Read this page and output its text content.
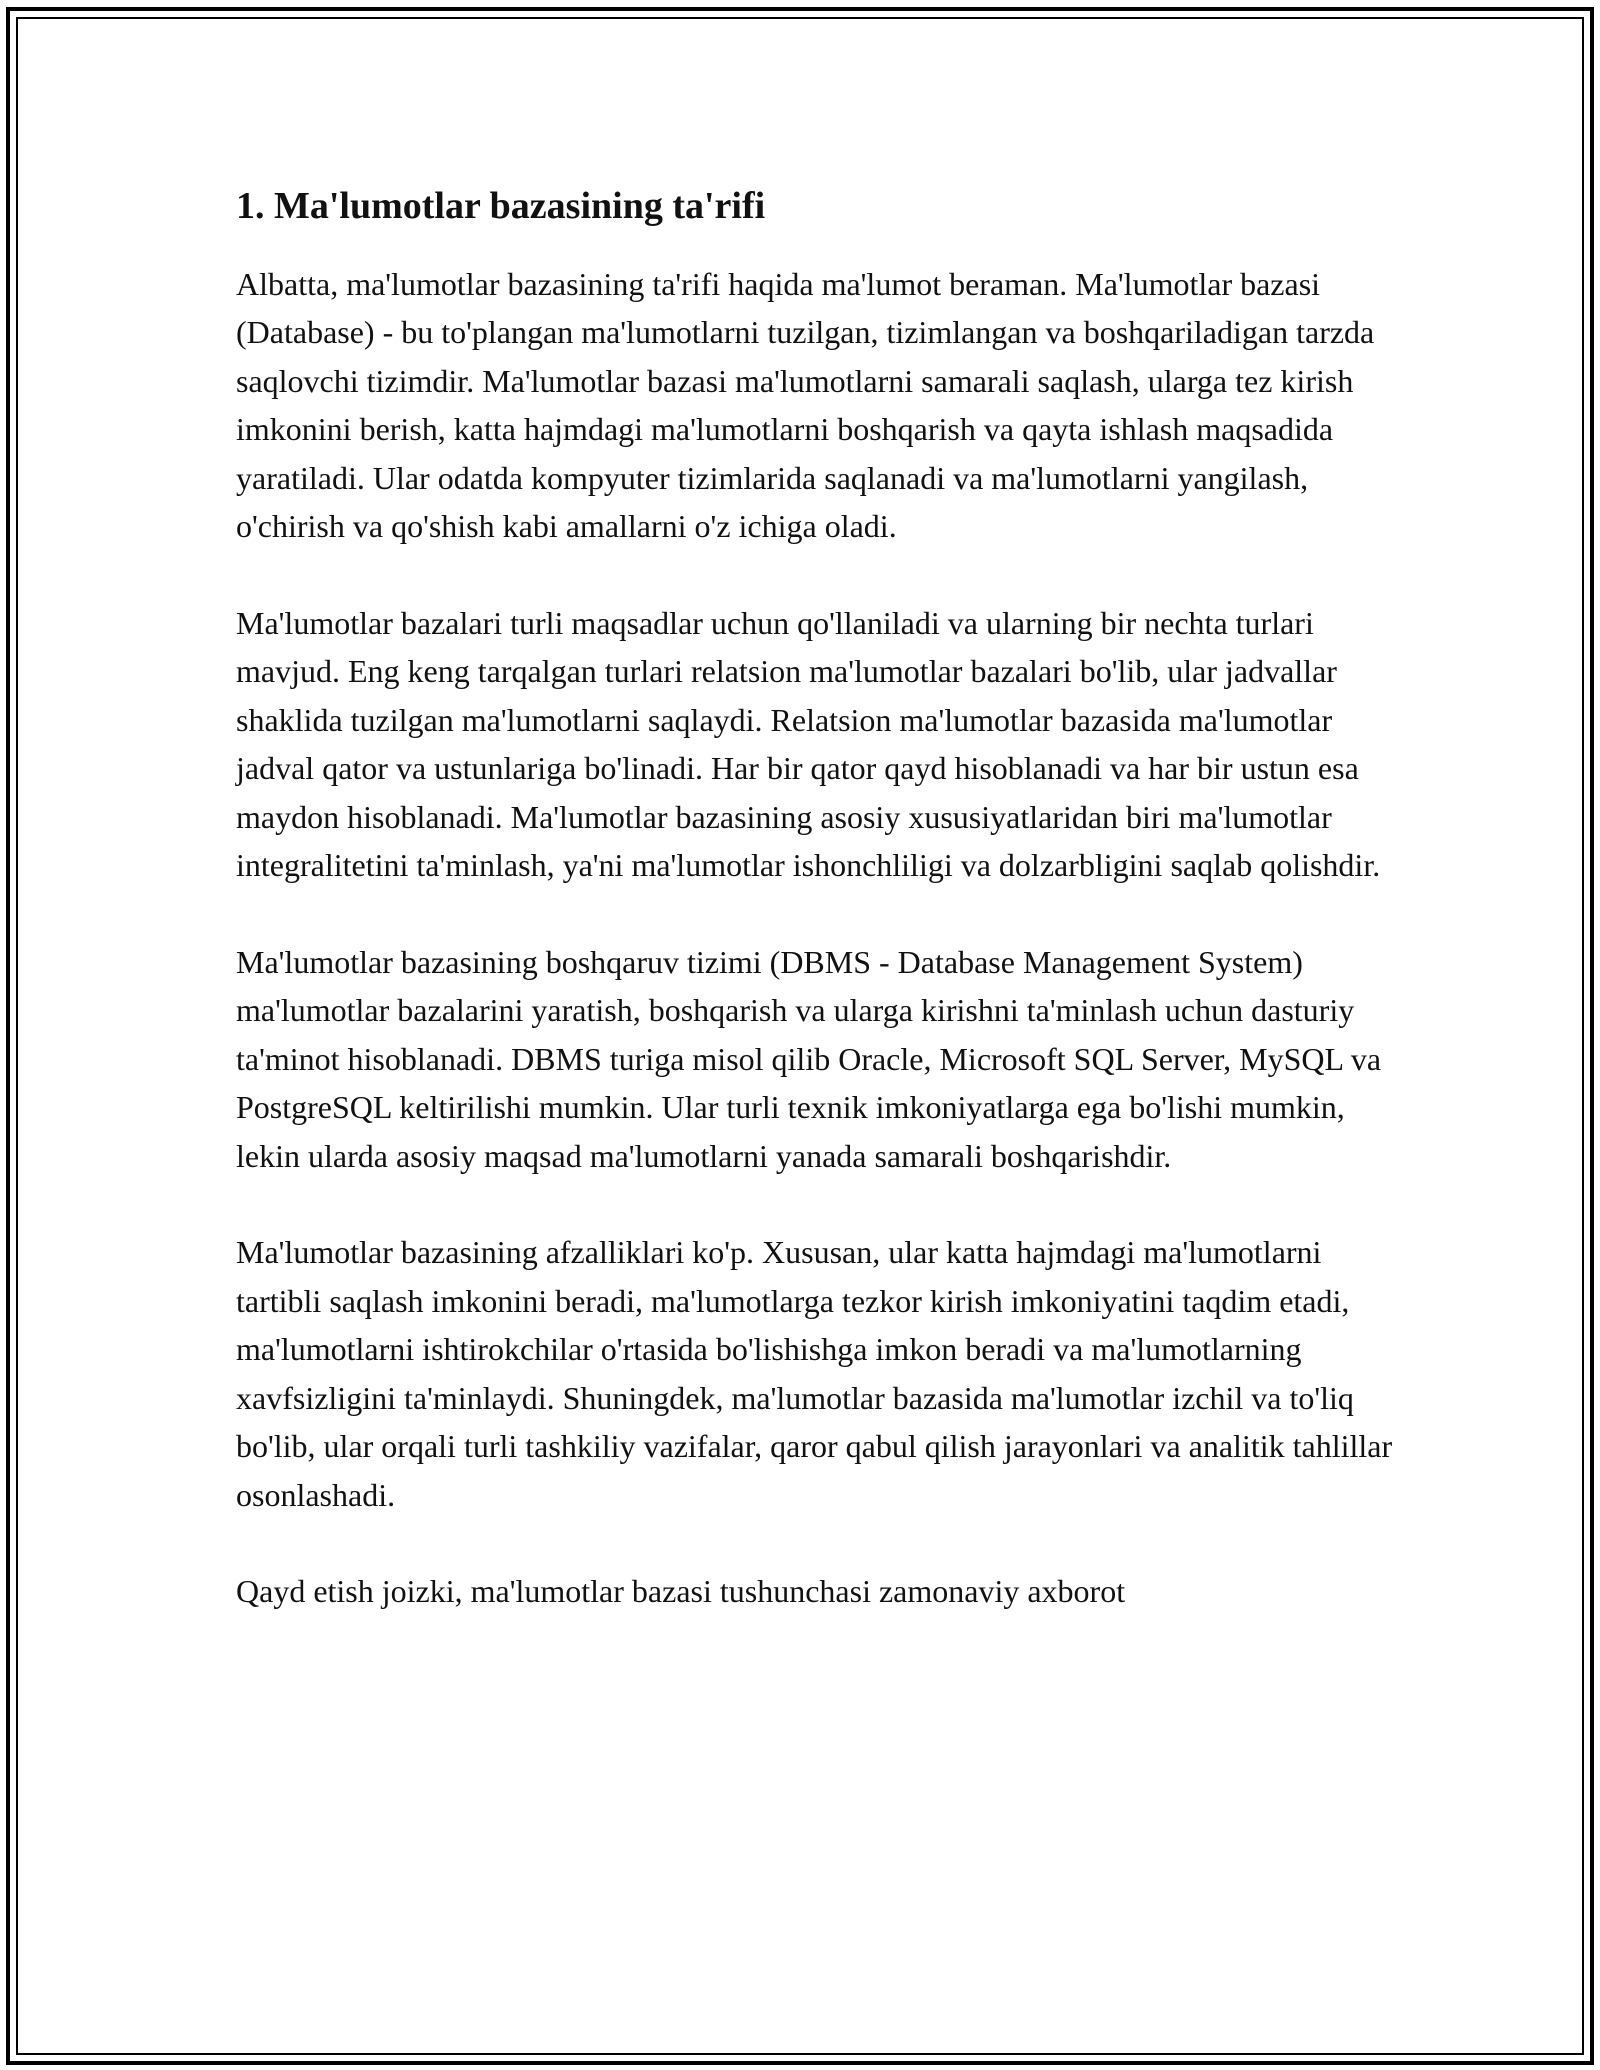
1. Ma'lumotlar bazasining ta'rifi

Albatta, ma'lumotlar bazasining ta'rifi haqida ma'lumot beraman. Ma'lumotlar bazasi (Database) - bu to'plangan ma'lumotlarni tuzilgan, tizimlangan va boshqariladigan tarzda saqlovchi tizimdir. Ma'lumotlar bazasi ma'lumotlarni samarali saqlash, ularga tez kirish imkonini berish, katta hajmdagi ma'lumotlarni boshqarish va qayta ishlash maqsadida yaratiladi. Ular odatda kompyuter tizimlarida saqlanadi va ma'lumotlarni yangilash, o'chirish va qo'shish kabi amallarni o'z ichiga oladi.

Ma'lumotlar bazalari turli maqsadlar uchun qo'llaniladi va ularning bir nechta turlari mavjud. Eng keng tarqalgan turlari relatsion ma'lumotlar bazalari bo'lib, ular jadvallar shaklida tuzilgan ma'lumotlarni saqlaydi. Relatsion ma'lumotlar bazasida ma'lumotlar jadval qator va ustunlariga bo'linadi. Har bir qator qayd hisoblanadi va har bir ustun esa maydon hisoblanadi. Ma'lumotlar bazasining asosiy xususiyatlaridan biri ma'lumotlar integralitetini ta'minlash, ya'ni ma'lumotlar ishonchliligi va dolzarbligini saqlab qolishdir.

Ma'lumotlar bazasining boshqaruv tizimi (DBMS - Database Management System) ma'lumotlar bazalarini yaratish, boshqarish va ularga kirishni ta'minlash uchun dasturiy ta'minot hisoblanadi. DBMS turiga misol qilib Oracle, Microsoft SQL Server, MySQL va PostgreSQL keltirilishi mumkin. Ular turli texnik imkoniyatlarga ega bo'lishi mumkin, lekin ularda asosiy maqsad ma'lumotlarni yanada samarali boshqarishdir.

Ma'lumotlar bazasining afzalliklari ko'p. Xususan, ular katta hajmdagi ma'lumotlarni tartibli saqlash imkonini beradi, ma'lumotlarga tezkor kirish imkoniyatini taqdim etadi, ma'lumotlarni ishtirokchilar o'rtasida bo'lishishga imkon beradi va ma'lumotlarning xavfsizligini ta'minlaydi. Shuningdek, ma'lumotlar bazasida ma'lumotlar izchil va to'liq bo'lib, ular orqali turli tashkiliy vazifalar, qaror qabul qilish jarayonlari va analitik tahlillar osonlashadi.

Qayd etish joizki, ma'lumotlar bazasi tushunchasi zamonaviy axborot
